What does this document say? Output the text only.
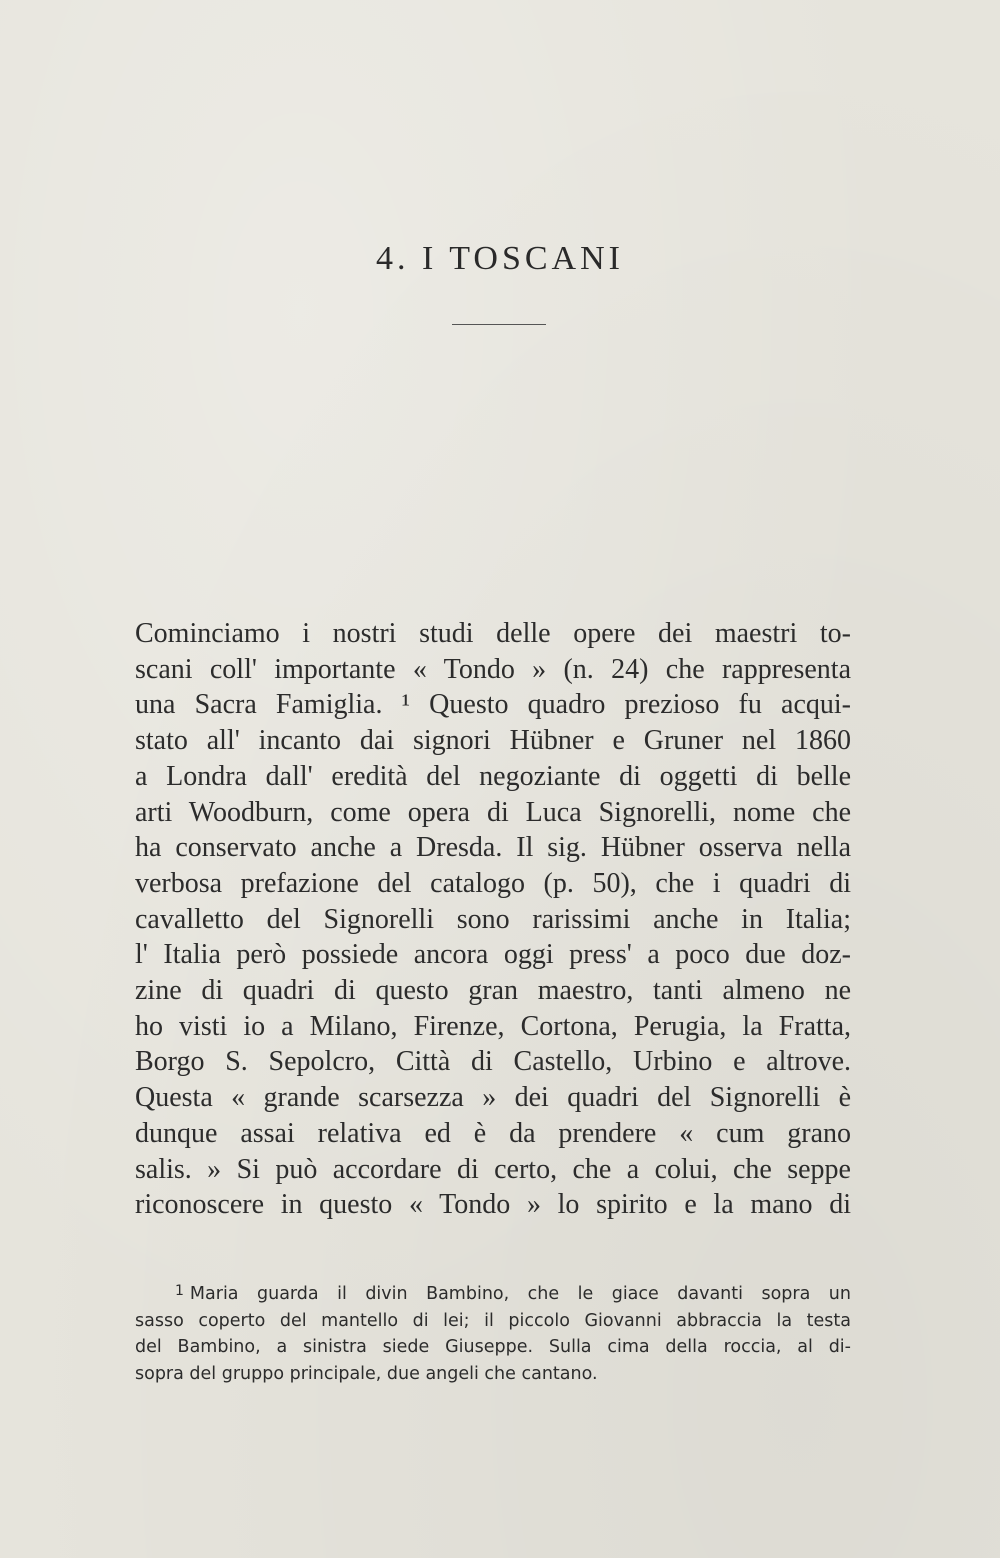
4. I TOSCANI
Cominciamo i nostri studi delle opere dei maestri to-
scani coll' importante « Tondo » (n. 24) che rappresenta
una Sacra Famiglia. ¹ Questo quadro prezioso fu acqui-
stato all' incanto dai signori Hübner e Gruner nel 1860
a Londra dall' eredità del negoziante di oggetti di belle
arti Woodburn, come opera di Luca Signorelli, nome che
ha conservato anche a Dresda. Il sig. Hübner osserva nella
verbosa prefazione del catalogo (p. 50), che i quadri di
cavalletto del Signorelli sono rarissimi anche in Italia;
l' Italia però possiede ancora oggi press' a poco due doz-
zine di quadri di questo gran maestro, tanti almeno ne
ho visti io a Milano, Firenze, Cortona, Perugia, la Fratta,
Borgo S. Sepolcro, Città di Castello, Urbino e altrove.
Questa « grande scarsezza » dei quadri del Signorelli è
dunque assai relativa ed è da prendere « cum grano
salis. » Si può accordare di certo, che a colui, che seppe
riconoscere in questo « Tondo » lo spirito e la mano di
$^1$ Maria guarda il divin Bambino, che le giace davanti sopra un
sasso coperto del mantello di lei; il piccolo Giovanni abbraccia la testa
del Bambino, a sinistra siede Giuseppe. Sulla cima della roccia, al di-
sopra del gruppo principale, due angeli che cantano.
